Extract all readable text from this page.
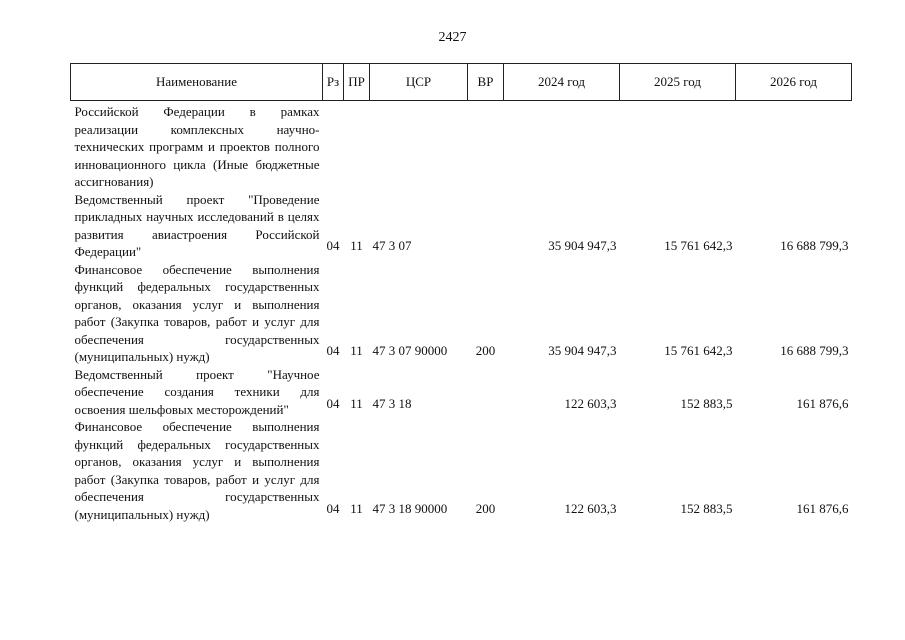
2427
Наименование	Рз	ПР	ЦСР	ВР	2024 год	2025 год	2026 год
Российской Федерации в рамках реализации комплексных научно-технических программ и проектов полного инновационного цикла (Иные бюджетные ассигнования)							
Ведомственный проект "Проведение прикладных научных исследований в целях развития авиастроения Российской Федерации"	04	11	47 3 07		35 904 947,3	15 761 642,3	16 688 799,3
Финансовое обеспечение выполнения функций федеральных государственных органов, оказания услуг и выполнения работ (Закупка товаров, работ и услуг для обеспечения государственных (муниципальных) нужд)	04	11	47 3 07 90000	200	35 904 947,3	15 761 642,3	16 688 799,3
Ведомственный проект "Научное обеспечение создания техники для освоения шельфовых месторождений"	04	11	47 3 18		122 603,3	152 883,5	161 876,6
Финансовое обеспечение выполнения функций федеральных государственных органов, оказания услуг и выполнения работ (Закупка товаров, работ и услуг для обеспечения государственных (муниципальных) нужд)	04	11	47 3 18 90000	200	122 603,3	152 883,5	161 876,6
